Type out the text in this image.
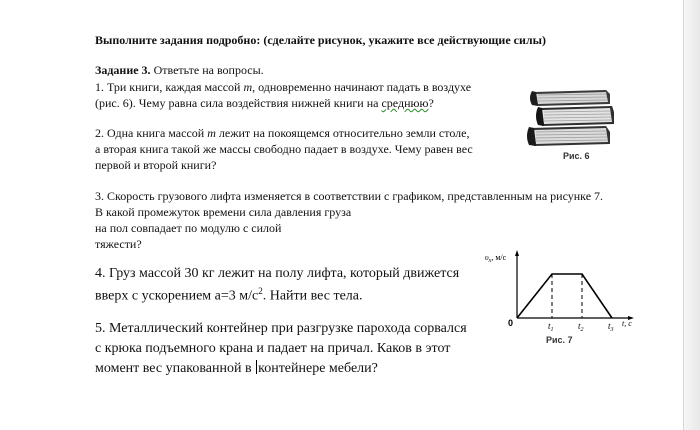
Выполните задания подробно: (сделайте рисунок, укажите все действующие силы)
Задание 3. Ответьте на вопросы.
1. Три книги, каждая массой m, одновременно начинают падать в воздухе
(рис. 6). Чему равна сила воздействия нижней книги на среднюю?
2. Одна книга массой m лежит на покоящемся относительно земли столе,
а вторая книга такой же массы свободно падает в воздухе. Чему равен вес
первой и второй книги?
3. Скорость грузового лифта изменяется в соответствии с графиком, представленным на рисунке 7.
В какой промежуток времени сила давления груза
на пол совпадает по модулю с силой
тяжести?
4. Груз массой 30 кг лежит на полу лифта, который движется
вверх с ускорением а=3 $м/с^2$. Найти вес тела.
5. Металлический контейнер при разгрузке парохода сорвался
с крюка подъемного крана и падает на причал. Каков в этот
момент вес упакованной в контейнере мебели?
Рис. 6
$\upsilon_x$, м/с
0	$t_1$	$t_2$	$t_3$
t, с
Рис. 7
